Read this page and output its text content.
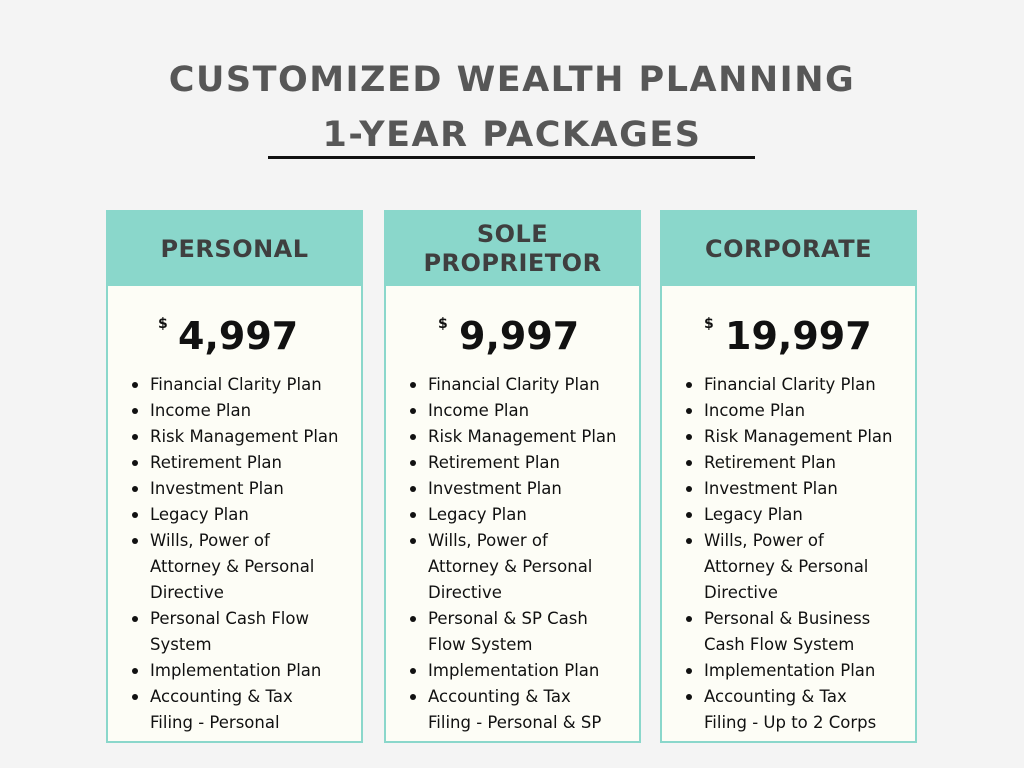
CUSTOMIZED WEALTH PLANNING
1-YEAR PACKAGES
PERSONAL
$ 4,997
Financial Clarity Plan
Income Plan
Risk Management Plan
Retirement Plan
Investment Plan
Legacy Plan
Wills, Power of
Attorney & Personal
Directive
Personal Cash Flow
System
Implementation Plan
Accounting & Tax
Filing - Personal
SOLE
PROPRIETOR
$ 9,997
Financial Clarity Plan
Income Plan
Risk Management Plan
Retirement Plan
Investment Plan
Legacy Plan
Wills, Power of
Attorney & Personal
Directive
Personal & SP Cash
Flow System
Implementation Plan
Accounting & Tax
Filing - Personal & SP
CORPORATE
$ 19,997
Financial Clarity Plan
Income Plan
Risk Management Plan
Retirement Plan
Investment Plan
Legacy Plan
Wills, Power of
Attorney & Personal
Directive
Personal & Business
Cash Flow System
Implementation Plan
Accounting & Tax
Filing - Up to 2 Corps
